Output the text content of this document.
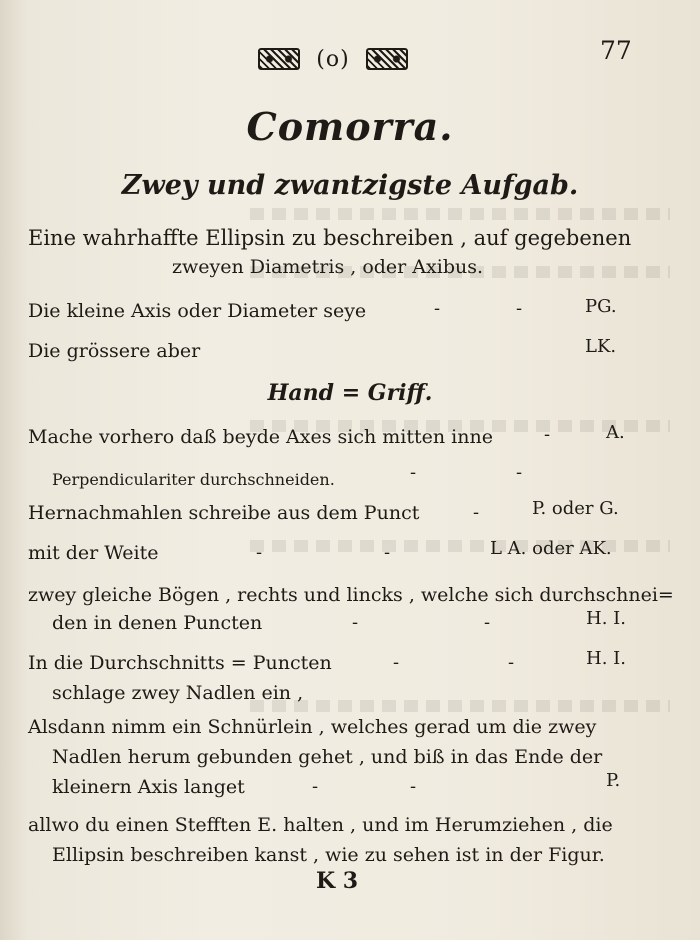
(o)	77
Comorra.
Zwey und zwantzigste Aufgab.
Eine wahrhaffte Ellipsin zu beschreiben , auf gegebenen
zweyen Diametris , oder Axibus.
Die kleine Axis oder Diameter seye	-	-	PG.
Die grössere aber	LK.
Hand = Griff.
Mache vorhero daß beyde Axes sich mitten inne	-	A.
Perpendiculariter durchschneiden.	-	-
Hernachmahlen schreibe aus dem Punct	-	P. oder G.
mit der Weite	-	-	L A. oder AK.
zwey gleiche Bögen , rechts und lincks , welche sich durchschnei=
den in denen Puncten	-	-	H. I.
In die Durchschnitts = Puncten	-	-	H. I.
schlage zwey Nadlen ein ,
Alsdann nimm ein Schnürlein , welches gerad um die zwey
Nadlen herum gebunden gehet , und biß in das Ende der
kleinern Axis langet	-	-	P.
allwo du einen Stefften E. halten , und im Herumziehen , die
Ellipsin beschreiben kanst , wie zu sehen ist in der Figur.
K 3
